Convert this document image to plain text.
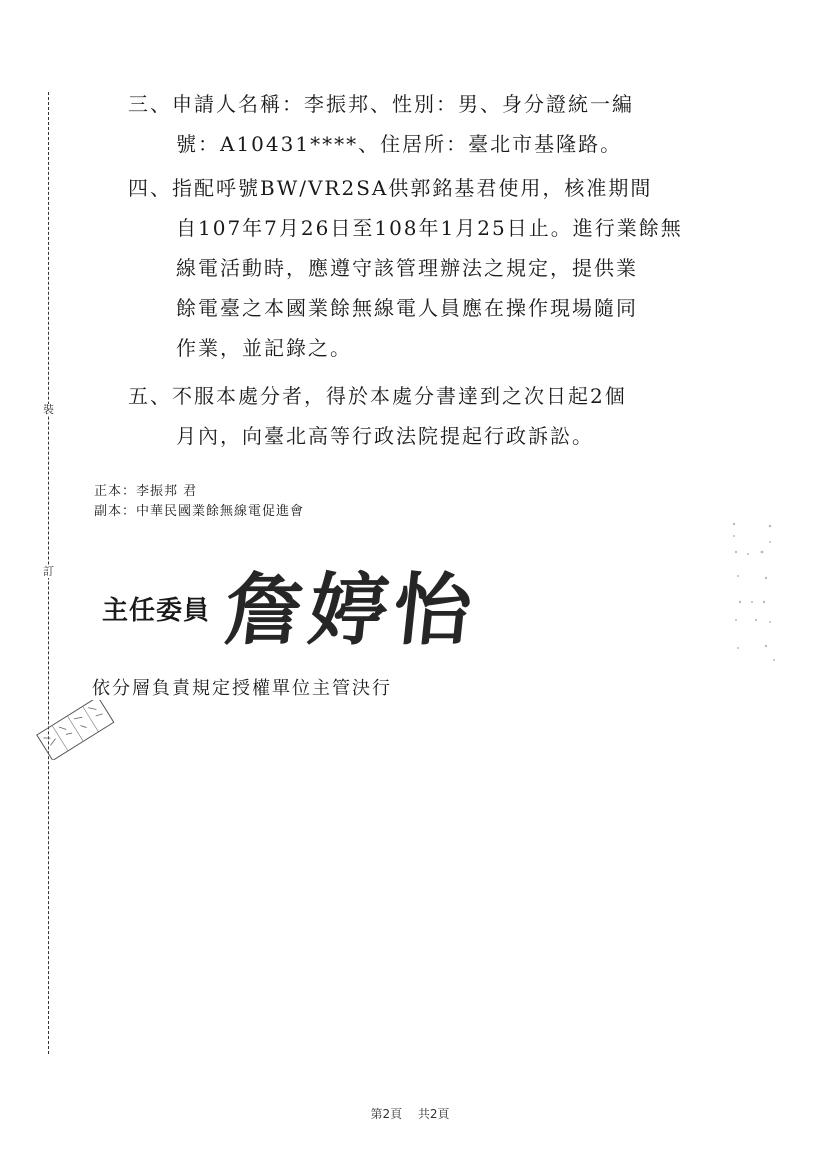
裝
訂
三、申請人名稱：李振邦、性別：男、身分證統一編
號：A10431****、住居所：臺北市基隆路。
四、指配呼號BW/VR2SA供郭銘基君使用，核准期間
自107年7月26日至108年1月25日止。進行業餘無
線電活動時，應遵守該管理辦法之規定，提供業
餘電臺之本國業餘無線電人員應在操作現場隨同
作業，並記錄之。
五、不服本處分者，得於本處分書達到之次日起2個
月內，向臺北高等行政法院提起行政訴訟。
正本：李振邦 君
副本：中華民國業餘無線電促進會
主任委員 詹婷怡
依分層負責規定授權單位主管決行
第2頁 共2頁
